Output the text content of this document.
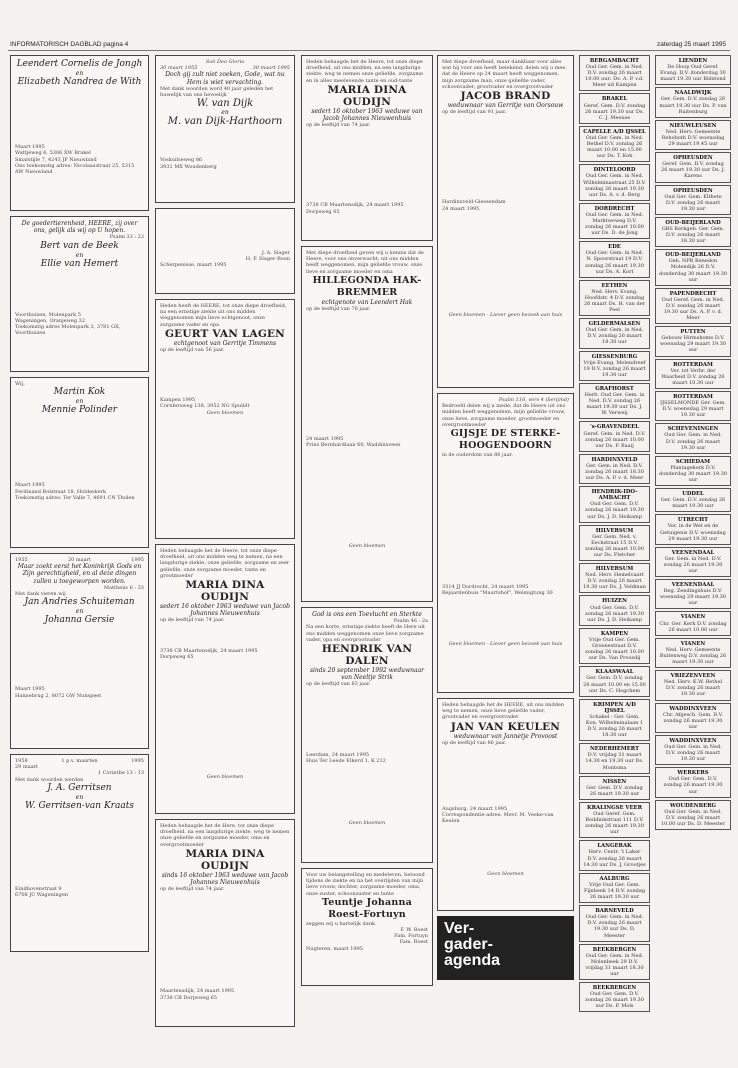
INFORMATORISCH DAGBLAD pagina 4	zaterdag 25 maart 1995
Leendert Cornelis de Jongh
en
Elizabeth Nandrea de With
Maart 1995
Wattjeweg 6, 5306 XW Brakel
Smalstijle 7, 4243 JP Nieuwland
Ons toekomstig adres: Nicolaasstraat 25, 5315 AW Nieuwland
De goedertierenheid, HEERE, zij over ons, gelijk als wij op U hopen.
Psalm 33 : 22
Bert van de Beek
en
Ellie van Hemert
Voorthuizen, Molenpark 5
Wageningen, Oranjeweg 32
Toekomstig adres Molenpark 3, 3781 GX, Voorthuizen
Wij,
Martin Kok
en
Mennie Polinder
Maart 1995
Ferdinand Bolstraat 18, Holdeskerk
Toekomstig adres: Ter Valle 7, 4691 CN Tholen
1955	20 maart	1995
Maar zoekt eerst het Koninkrijk Gods en Zijn gerechtigheid, en al deze dingen zullen u toegeworpen worden.
Mattheüs 6 : 33
Met dank vieren wij
Jan Andries Schuiteman
en
Johanna Gersie
Maart 1995
Hannebrug 2, 8072 GW Nunspeet
1958	1 p.v. maarten	1995
29 maart
1 Corinthe 13 : 13
Met dank woorden werden
J. A. Gerritsen
en
W. Gerritsen-van Kraats
Eindhovenstraat 9
6708 JC Wageningen
Soli Deo Gloria
30 maart 1955	30 maart 1995
Doch gij zult niet zoeken, Gode, wat nu Hem is wiet vervachting.
Met dank woorden word 40 jaar geleden het huwelijk van ons hevoelijk
W. van Dijk
en
M. van Dijk-Harthoorn
Voskuilseweg 86
3931 MX Woudenberg
J. A. Slager
H. P. Slager-Boon
Scherpenisse, maart 1995
Heden heeft de HEERE, tot onze diepe droefheid, na een ernstige ziekte uit ons midden weggenomen mijn lieve echtgenoot, onze zorgzame vader en opa
GEURT VAN LAGEN
echtgenoot van Gerritje Timmens
op de leeftijd van 56 jaar.
Kampen 1995
Cornfersweg 138, 3952 NG Spuildt
Geen bloemen
Heden behaagde het de Heere, tot onze diepe droefheid, uit ons midden weg te nemen, na een langdurige ziekte, onze geliefde, zorgzame en zeer geliefde, onze zorgzame moeder, tante en grootmoeder
MARIA DINA OUDIJN
sedert 16 oktober 1963 weduwe van Jacob Johannes Nieuwenhuis
op de leeftijd van 74 jaar.
3738 CB Maartensdijk, 24 maart 1995
Dorpsweg 65
Geen bloemen
Heden behaagde het de Here, tot onze diepe droefheid, na een langdurige ziekte, weg te nemen onze geliefde en zorgzame moeder, oma en overgrootmoeder
MARIA DINA OUDIJN
sinds 16 oktober 1963 weduwe van Jacob Johannes Nieuwenhuis
op de leeftijd van 74 jaar.
Maartensdijk, 24 maart 1995
3738 CB Dorpsweg 65
Heden behaagde het de Heere, tot onze diepe droefheid, uit ons midden, na een langdurige ziekte, weg te nemen onze geliefde, zorgzame en in alles meelevende tante en oud-tante
MARIA DINA OUDIJN
sedert 16 oktober 1963 weduwe van Jacob Johannes Nieuwenhuis
op de leeftijd van 74 jaar.
3738 CB Maartensdijk, 24 maart 1995
Dorpsweg 65
Met diepe droefheid geven wij u kennis dat de Heere, voor ons onverwacht, uit ons midden heeft weggenomen, mijn geliefde vrouw, onze lieve en zorgzame moeder en oma
HILLEGONDA HAK-BREMMER
echtgenote van Leendert Hak
op de leeftijd van 76 jaar.
24 maart 1995
Prins Bernhardlaan 60, Waddinxveen
Geen bloemen
God is ons een Toevlucht en Sterkte
Psalm 46 : 2a
Na een korte, ernstige ziekte heeft de Here uit ons midden weggenomen onze lieve zorgzame vader, opa en overgrootvader
HENDRIK VAN DALEN
sinds 20 september 1992 weduwnaar van Neeltje Strik
op de leeftijd van 83 jaar.
Leerdam, 24 maart 1995
Huis Ter Leede Elkerd 1, K 212
Geen bloemen
Voor uw belangstelling en medeleven, betoond tijdens de ziekte en na het overlijden van mijn lieve vrouw, dochter, zorgzame moeder, oma, onze zuster, schoonzuster en tante
Teuntje Johanna Roest-Fortuyn
zeggen wij u hartelijk dank.
F. W. Roest
Fam. Fortuyn
Fam. Roest
Nugteren, maart 1995
Met diepe droefheid, maar dankbaar voor alles wat hij voor ons heeft betekend, delen wij u mee, dat de Heere op 24 maart heeft weggenomen, mijn zorgzame man, onze geliefde vader, schoonvader, grootvader en overgrootvader
JACOB BRAND
weduwnaar van Gerritje van Oorsouw
op de leeftijd van 91 jaar.
Hardinxveld-Giessendam
24 maart 1995
Geen bloemen - Liever geen bezoek aan huis
Psalm 116, vers 4 (berijmd)
Bedroefd delen wij u mede, dat de Heere uit ons midden heeft weggenomen, mijn geliefde vrouw, onze lieve, zorgzame moeder, grootmoeder en overgrootmoeder
GIJSJE DE STERKE-HOOGENDOORN
in de ouderdom van 86 jaar.
3314 JJ Dordrecht, 24 maart 1995
Bejaardenhuis "Maurtshof", Weimigtung 30
Geen bloemen - Liever geen bezoek aan huis
Heden behaagde het de HEERE, uit ons midden weg te nemen, onze lieve geliefde vader, grootvader en overgrootvader
JAN VAN KEULEN
weduwnaar van Jannetje Provoost
op de leeftijd van 86 jaar.
Augsburg, 24 maart 1995
Correspondentie-adres: Mevr. M. Veeke-van Keulen
Geen bloemen
Ver-
gader-
agenda
BERGAMBACHT
Oud Ger. Gem. in Ned. D.V. zondag 26 maart 10.00 uur: Ds. A. P. v.d. Meer uit Kampen
BRAKEL
Geref. Gem. D.V. zondag 26 maart 19.30 uur Ds. C. J. Meeuse
CAPELLE A/D IJSSEL
Oud Ger. Gem. in Ned. Bethel D.V. zondag 26 maart 10.00 en 15.00 uur Ds. T. Kok
DINTELOORD
Oud Ger. Gem. in Ned. Wilhelminastraat 25 D.V. zondag 26 maart 19.30 uur Ds. A. v. d. Berg
DORDRECHT
Oud Ger. Gem. in Ned. Marktweweg D.V. zondag 26 maart 10.00 uur Ds. D. de Jong
EDE
Oud Ger. Gem. in Ned. N. Spoorstraat 19 D.V. zondag 26 maart 19.30 uur Ds. A. Kort
EETHEN
Ned. Herv. Evang. Hoofdstr. 4 D.V. zondag 26 maart Ds. H. van der Poel
GELDERMALSEN
Oud Ger. Gem. in Ned. D.V. zondag 26 maart 18.30 uur
GIESSENBURG
Vrije Evang. Molendreef 19 D.V. zondag 26 maart 19.30 uur
GRAFHORST
Herb. Oud Ger. Gem. in Ned. D.V. zondag 26 maart 19.30 uur Ds. J. W. Verweij
's-GRAVENDEEL
Geref. Gem. in Ned. D.V. zondag 26 maart 10.00 uur Ds. P. Baaij
HARDINXVELD
Ger. Gem. in Ned. D.V. zondag 26 maart 18.30 uur Ds. A. P. v. d. Meer
HENDRIK-IDO-AMBACHT
Oud Ger. Gem. D.V. zondag 26 maart 19.30 uur Ds. J. D. Heikamp
HILVERSUM
Ger. Gem. Ned. v. Eeckstraat 15 D.V. zondag 26 maart 10.00 uur Ds. Fletcher
HILVERSUM
Ned. Herv. Hemelvaart D.V. zondag 26 maart 19.30 uur Ds. J. Veldman
HUIZEN
Oud Ger. Gem. D.V. zondag 26 maart 19.30 uur Ds. J. D. Heikamp
KAMPEN
Vrije Oud Ger. Gem. Groenestraat D.V. zondag 26 maart 10.00 uur Ds. Van Proosdij
KLAASWAAL
Ger. Gem. D.V. zondag 26 maart 10.00 en 15.00 uur Ds. C. Hogchem
KRIMPEN A/D IJSSEL
Schakel - Ger. Gem. Kon. Wilhelminalaan 1 D.V. zondag 26 maart 18.30 uur
NEDERHEMERT
D.V. vrijdag 31 maart 14.30 en 19.30 uur Ds. Montsma
NISSEN
Ger. Gem. D.V. zondag 26 maart 19.30 uur
KRALINGSE VEER
Oud Geref. Gem. Boddinkstraat 111 D.V. zondag 26 maart 19.30 uur
LANGERAK
Herv. Centr. 't Laker D.V. zondag 26 maart 14.30 uur Ds. J. Grootjes
AALBURG
Vrije Oud Ger. Gem. Fijnbeek 14 D.V. zondag 26 maart 19.30 uur
BARNEVELD
Oud Ger. Gem. in Ned. D.V. zondag 26 maart 19.30 uur Ds. D. Meester
BEEKBERGEN
Oud Ger. Gem. in Ned. Molenbeek 29 D.V. vrijdag 31 maart 18.30 uur
BEEKBERGEN
Oud Ger. Gem. D.V. zondag 26 maart 19.30 uur Ds. P. Mols
LIENDEN
De Hoop Oud Geref. Evang. D.V. donderdag 30 maart 19.30 uur Bidstond
NAALDWIJK
Ger. Gem. D.V. zondag 26 maart 19.30 uur Ds. P. van Ruitenburg
NIEUWLEUSEN
Ned. Herv. Gemeente Rehoboth D.V. woensdag 29 maart 19.45 uur
OPHEUSDEN
Geref. Gem. D.V. zondag 26 maart 19.30 uur Ds. J. Karens
OPHEUSDEN
Oud Ger. Gem. Elthete D.V. zondag 26 maart 19.30 uur
OUD-BEIJERLAND
GBS Kerkgeb. Ger. Gem. D.V. zondag 26 maart 18.30 uur
OUD-BEIJERLAND
Geb. NPB Benedon Molendijk 26 D.V. donderdag 30 maart 19.30 uur
PAPENDRECHT
Oud Geref. Gem. in Ned. D.V. zondag 26 maart 19.30 uur Ds. A. P. v. d. Meer
PUTTEN
Gebouw Hirmshome D.V. woensdag 29 maart 19.30 uur
ROTTERDAM
Ver. tot Verbr. der Waarheid D.V. zondag 26 maart 10.30 uur
ROTTERDAM
IJSSELMONDE Ger. Gem. D.V. woensdag 29 maart 19.30 uur
SCHEVENINGEN
Oud Ger. Gem. in Ned. D.V. zondag 26 maart 19.30 uur
SCHIEDAM
Plantagekerk D.V. donderdag 30 maart 19.30 uur
UDDEL
Ger. Gem. D.V. zondag 26 maart 19.30 uur
UTRECHT
Ver. in de Wet en de Getuigenis D.V. woensdag 29 maart 19.30 uur
VEENENDAAL
Ger. Gem. in Ned. D.V. zondag 26 maart 19.30 uur
VEENENDAAL
Reg. Zendingshuis D.V. woensdag 29 maart 19.30 uur
VIANEN
Chr. Ger. Kerk D.V. zondag 26 maart 10.00 uur
VIANEN
Ned. Herv. Gemeente Buitenweg D.V. zondag 26 maart 19.30 uur
VRIEZENVEEN
Ned. Herv. K.W. Bethel D.V. zondag 26 maart 19.30 uur
WADDINXVEEN
Chr. Afgesch. Gem. D.V. zondag 26 maart 19.30 uur
WADDINXVEEN
Oud Ger. Gem. in Ned. D.V. zondag 26 maart 19.30 uur
WERKERS
Oud Ger. Gem. D.V. zondag 26 maart 19.30 uur
WOUDENBERG
Oud Ger. Gem. in Ned. D.V. zondag 26 maart 10.00 uur Ds. D. Meester
